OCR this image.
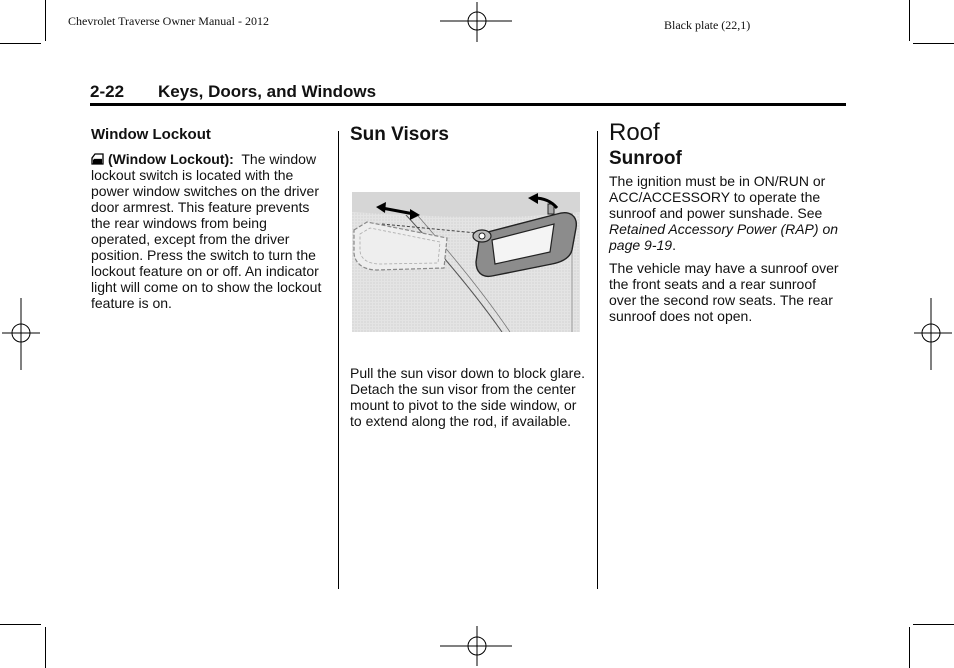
Chevrolet Traverse Owner Manual - 2012	Black plate (22,1)
2-22 Keys, Doors, and Windows
Window Lockout

(Window Lockout): The window lockout switch is located with the power window switches on the driver door armrest. This feature prevents the rear windows from being operated, except from the driver position. Press the switch to turn the lockout feature on or off. An indicator light will come on to show the lockout feature is on.

Sun Visors

Pull the sun visor down to block glare. Detach the sun visor from the center mount to pivot to the side window, or to extend along the rod, if available.

Roof
Sunroof

The ignition must be in ON/RUN or ACC/ACCESSORY to operate the sunroof and power sunshade. See Retained Accessory Power (RAP) on page 9-19.

The vehicle may have a sunroof over the front seats and a rear sunroof over the second row seats. The rear sunroof does not open.
